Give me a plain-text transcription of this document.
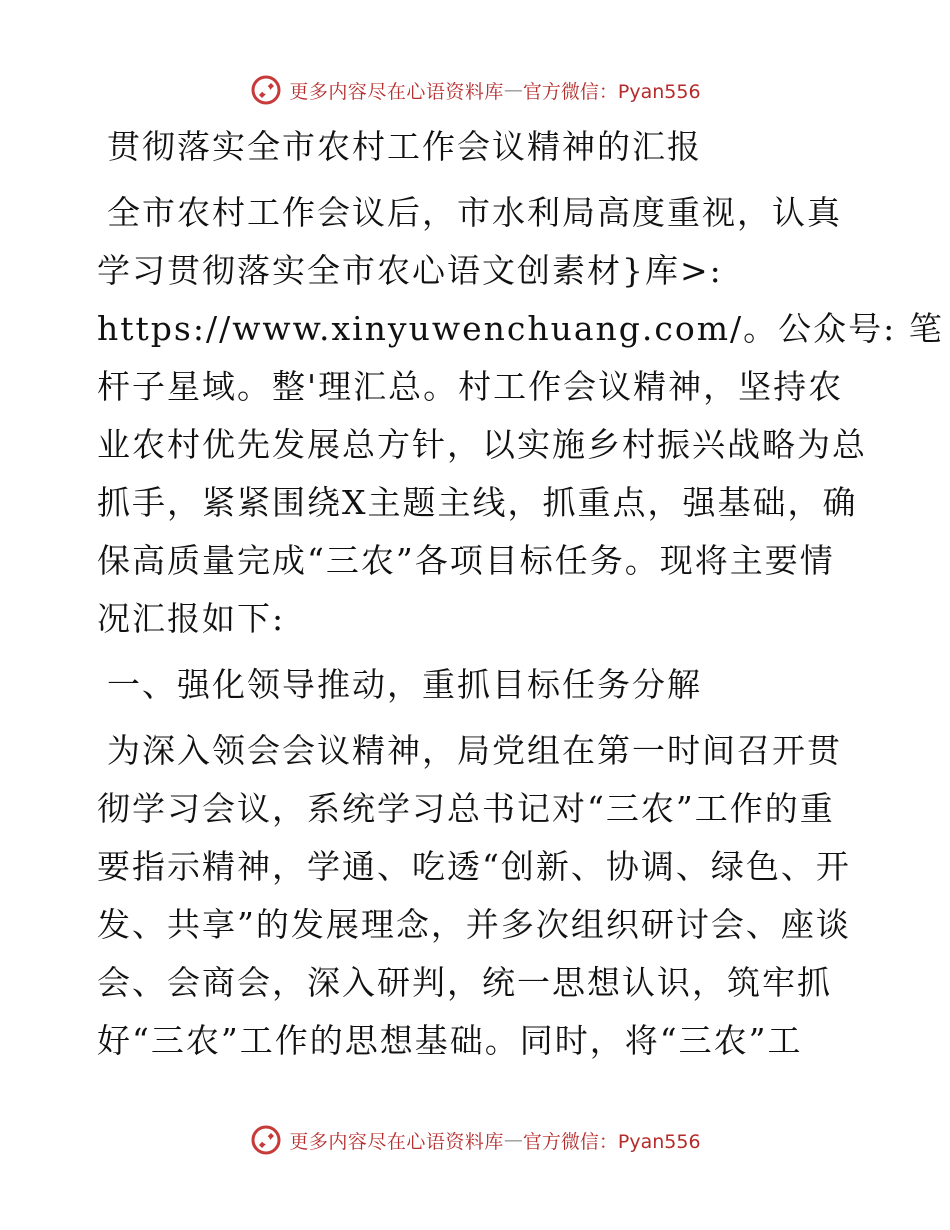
更多内容尽在心语资料库 — 官方微信：Pyan556
贯彻落实全市农村工作会议精神的汇报
全市农村工作会议后，市水利局高度重视，认真
学习贯彻落实全市农心语文创素材}库>:
https://www.xinyuwenchuang.com/。公众号: 笔
杆子星域。整'理汇总。村工作会议精神，坚持农
业农村优先发展总方针，以实施乡村振兴战略为总
抓手，紧紧围绕X主题主线，抓重点，强基础，确
保高质量完成“三农”各项目标任务。现将主要情
况汇报如下:
一、强化领导推动，重抓目标任务分解
为深入领会会议精神，局党组在第一时间召开贯
彻学习会议，系统学习总书记对“三农”工作的重
要指示精神，学通、吃透“创新、协调、绿色、开
发、共享”的发展理念，并多次组织研讨会、座谈
会、会商会，深入研判，统一思想认识，筑牢抓
好“三农”工作的思想基础。同时，将“三农”工
更多内容尽在心语资料库 — 官方微信：Pyan556
